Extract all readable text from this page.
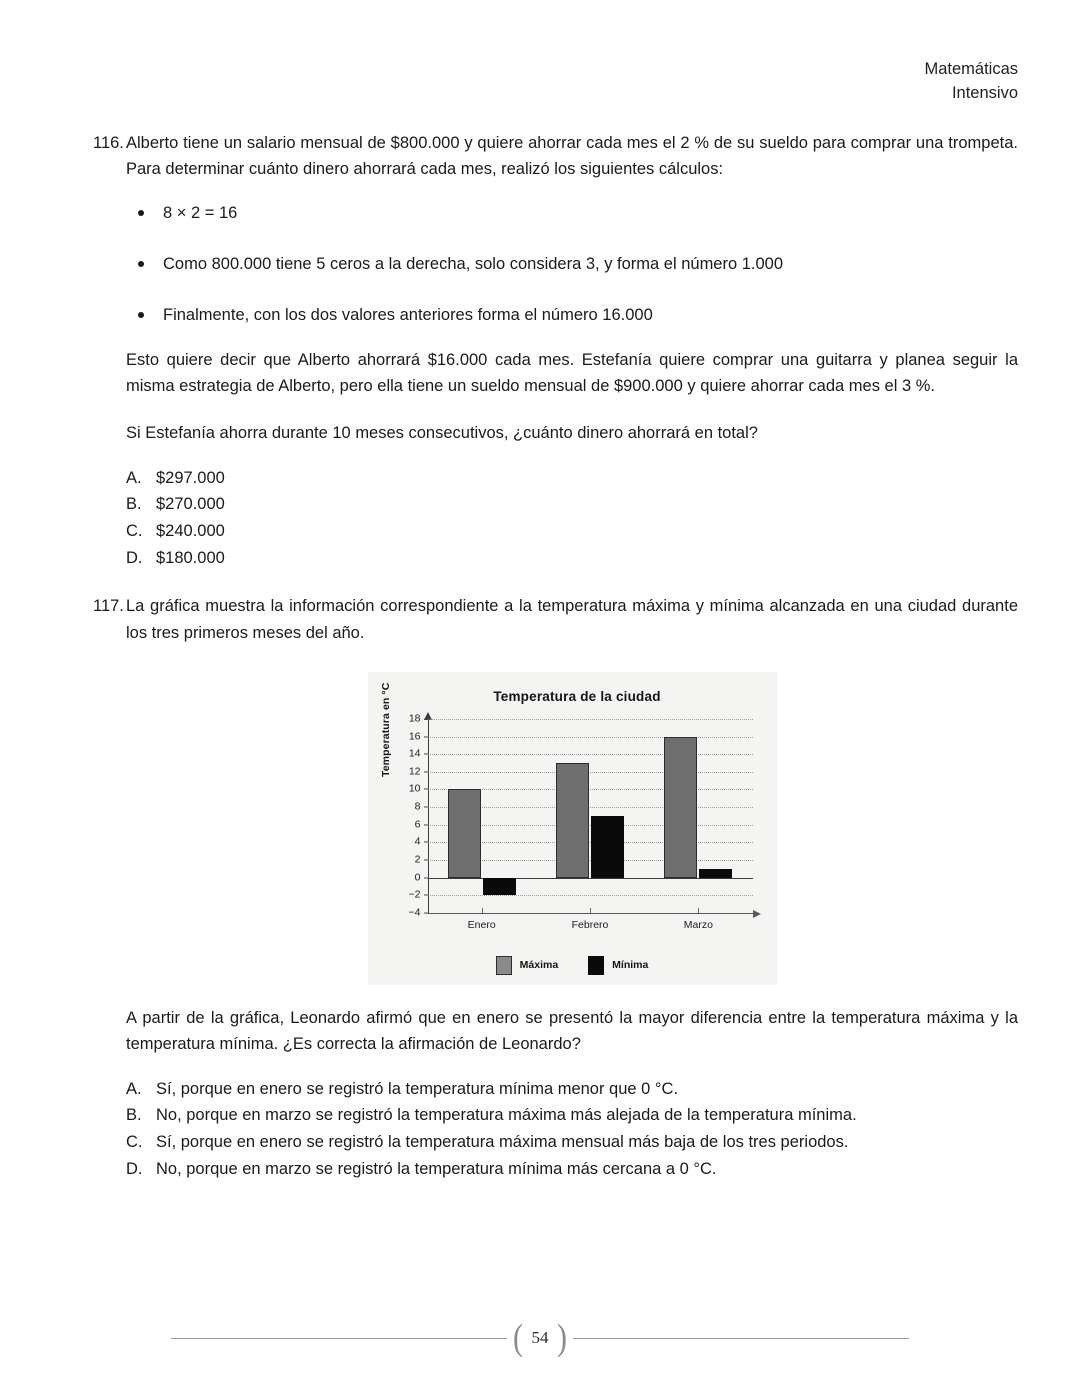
Matemáticas
Intensivo
116. Alberto tiene un salario mensual de $800.000 y quiere ahorrar cada mes el 2 % de su sueldo para comprar una trompeta. Para determinar cuánto dinero ahorrará cada mes, realizó los siguientes cálculos:
8 × 2 = 16
Como 800.000 tiene 5 ceros a la derecha, solo considera 3, y forma el número 1.000
Finalmente, con los dos valores anteriores forma el número 16.000
Esto quiere decir que Alberto ahorrará $16.000 cada mes. Estefanía quiere comprar una guitarra y planea seguir la misma estrategia de Alberto, pero ella tiene un sueldo mensual de $900.000 y quiere ahorrar cada mes el 3 %.
Si Estefanía ahorra durante 10 meses consecutivos, ¿cuánto dinero ahorrará en total?
A. $297.000
B. $270.000
C. $240.000
D. $180.000
117. La gráfica muestra la información correspondiente a la temperatura máxima y mínima alcanzada en una ciudad durante los tres primeros meses del año.
Temperatura de la ciudad
Temperatura en °C 18
16
14
12
10
8
6
4
2
0
−2
−4
Enero	Febrero	Marzo
Máxima	Mínima
A partir de la gráfica, Leonardo afirmó que en enero se presentó la mayor diferencia entre la temperatura máxima y la temperatura mínima. ¿Es correcta la afirmación de Leonardo?
A. Sí, porque en enero se registró la temperatura mínima menor que 0 °C.
B. No, porque en marzo se registró la temperatura máxima más alejada de la temperatura mínima.
C. Sí, porque en enero se registró la temperatura máxima mensual más baja de los tres periodos.
D. No, porque en marzo se registró la temperatura mínima más cercana a 0 °C.
( 54 )
